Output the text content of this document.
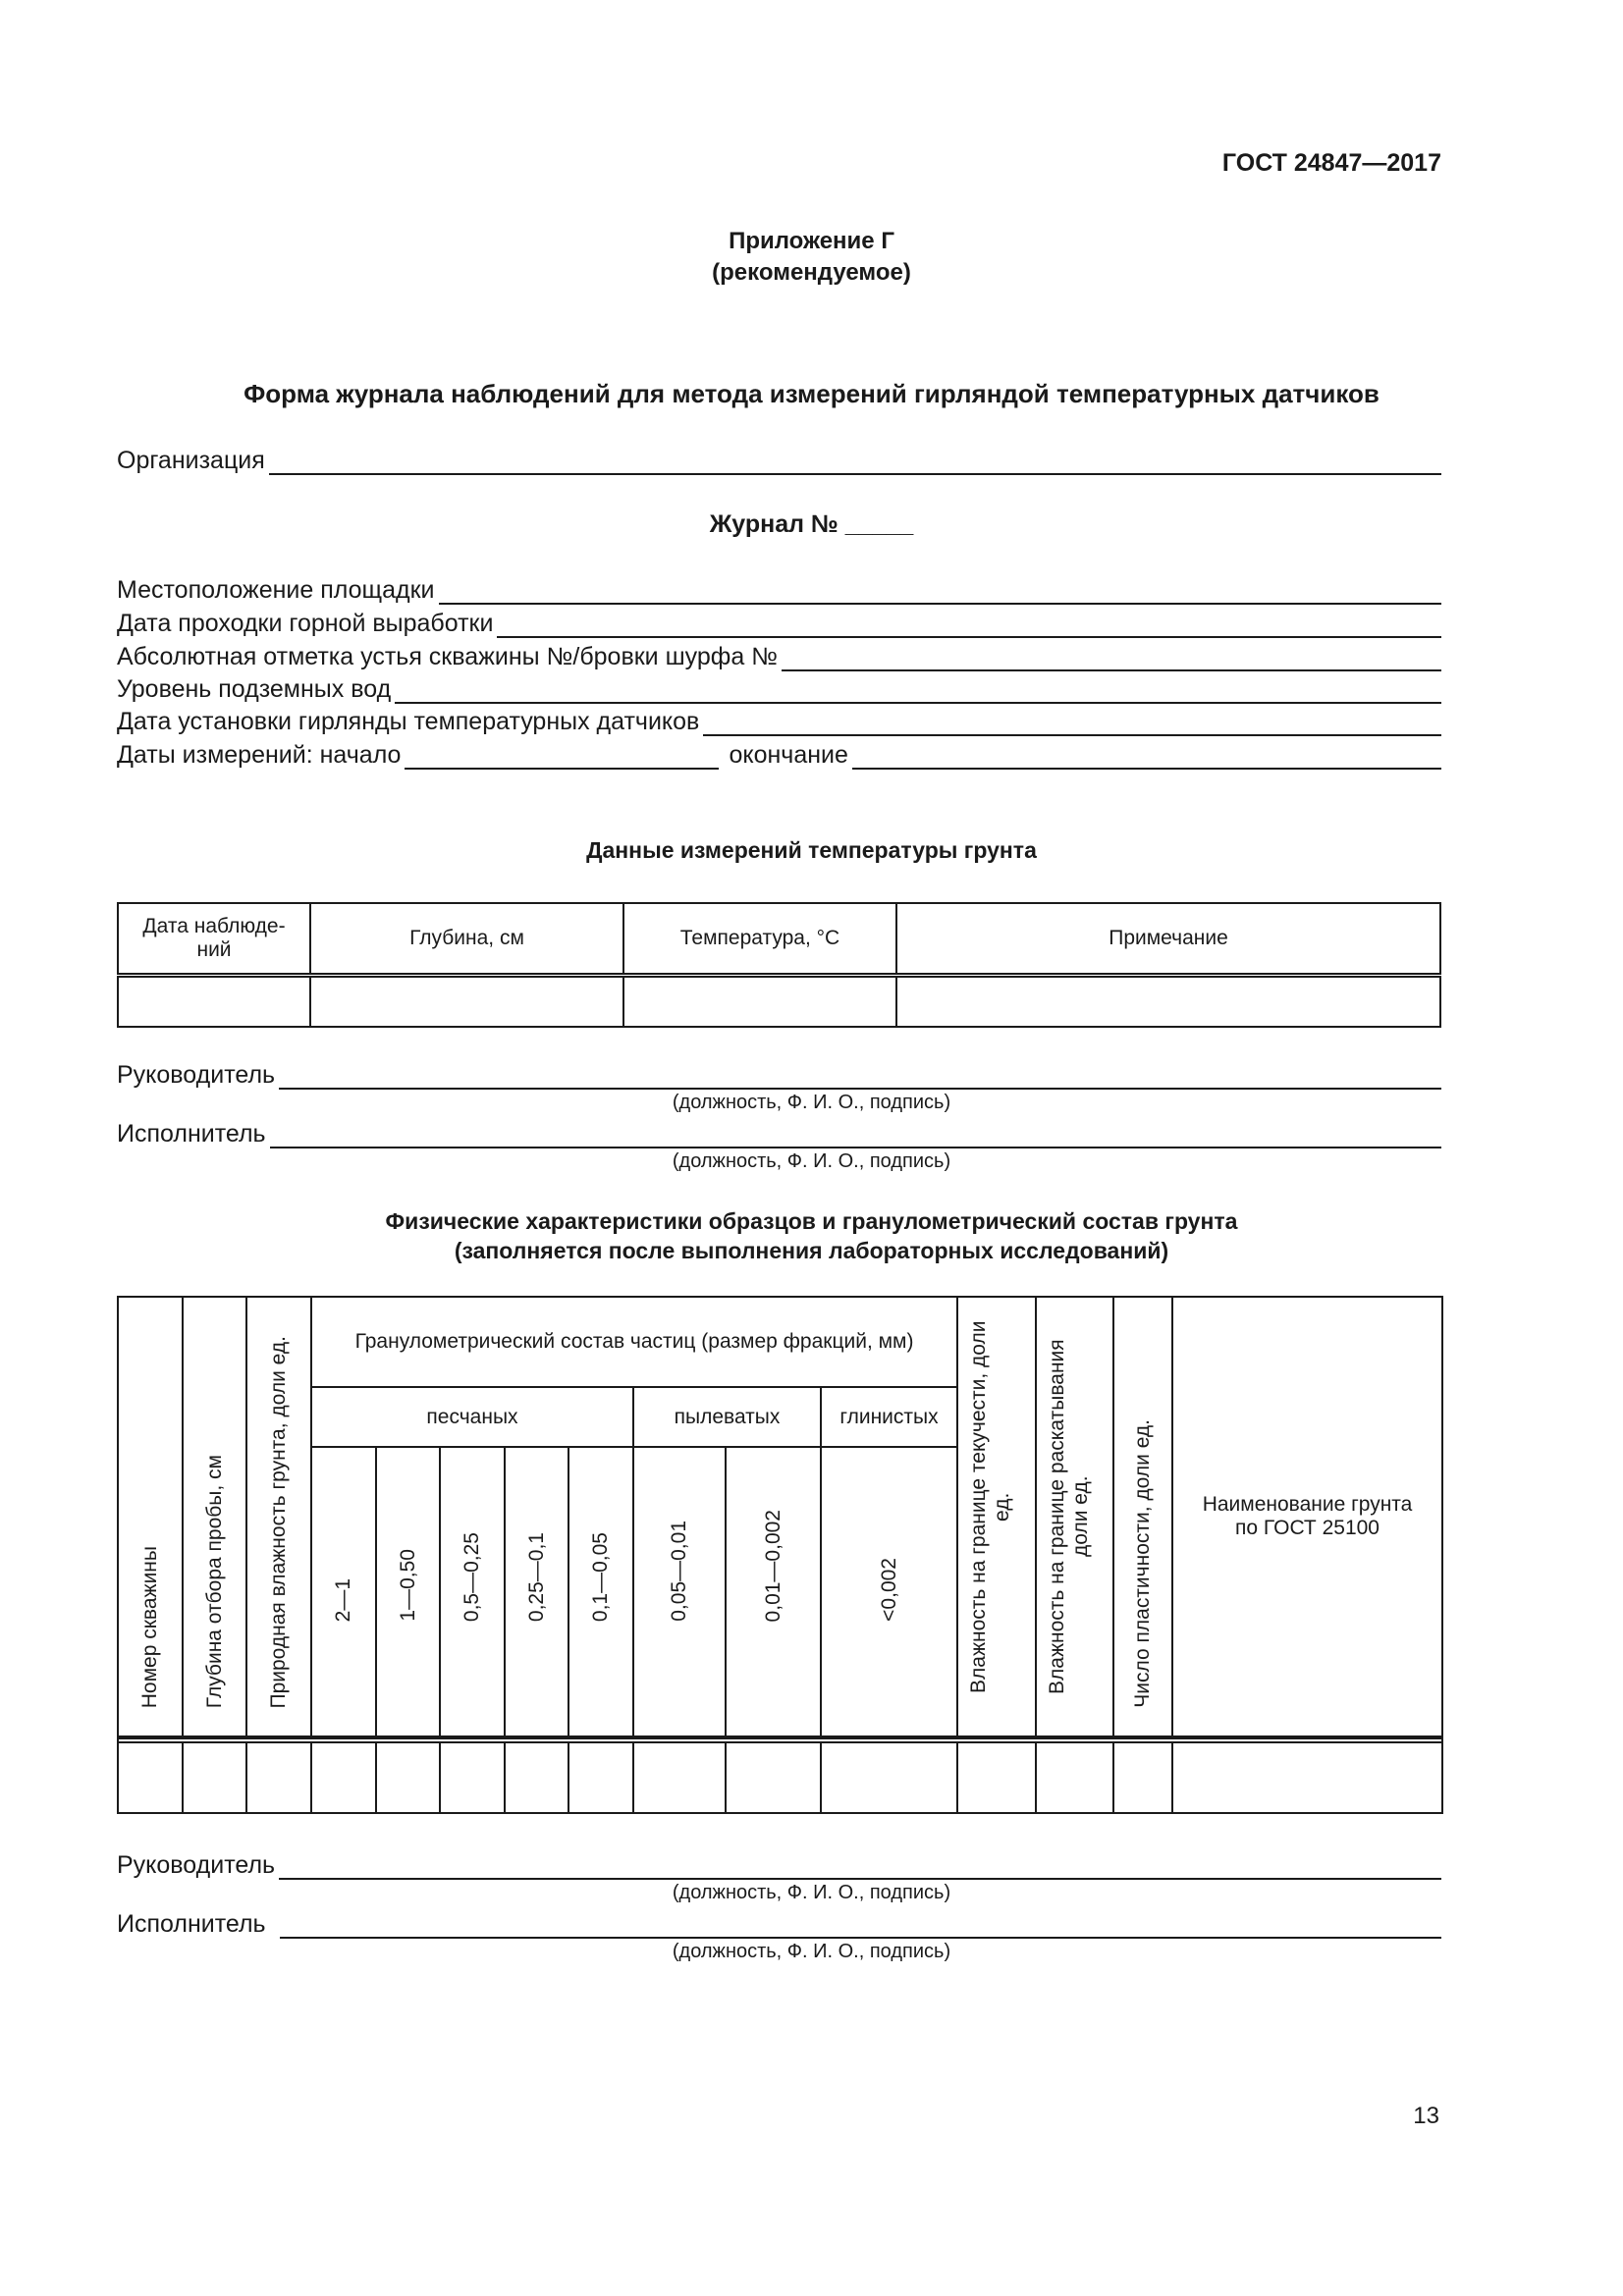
ГОСТ 24847—2017
Приложение Г
(рекомендуемое)
Форма журнала наблюдений для метода измерений гирляндой температурных датчиков
Организация
Журнал № _____
Местоположение площадки
Дата проходки горной выработки
Абсолютная отметка устья скважины №/бровки шурфа №
Уровень подземных вод
Дата установки гирлянды температурных датчиков
Даты измерений: начало	окончание
Данные измерений температуры грунта
Дата наблюде-ний	Глубина, см	Температура, °С	Примечание

Руководитель
(должность, Ф. И. О., подпись)
Исполнитель
(должность, Ф. И. О., подпись)
Физические характеристики образцов и гранулометрический состав грунта
(заполняется после выполнения лабораторных исследований)
Номер скважины	Глубина отбора пробы, см	Природная влажность грунта, доли ед.	Гранулометрический состав частиц (размер фракций, мм)								Влажность на границе текучести, доли ед.	Влажность на границе раскатывания доли ед.	Число пластичности, доли ед.	Наименование грунта по ГОСТ 25100

			песчаных					пылеватых		глинистых				
			2—1	1—0,50	0,5—0,25	0,25—0,1	0,1—0,05	0,05—0,01	0,01—0,002	<0,002				

Руководитель
(должность, Ф. И. О., подпись)
Исполнитель
(должность, Ф. И. О., подпись)
13
